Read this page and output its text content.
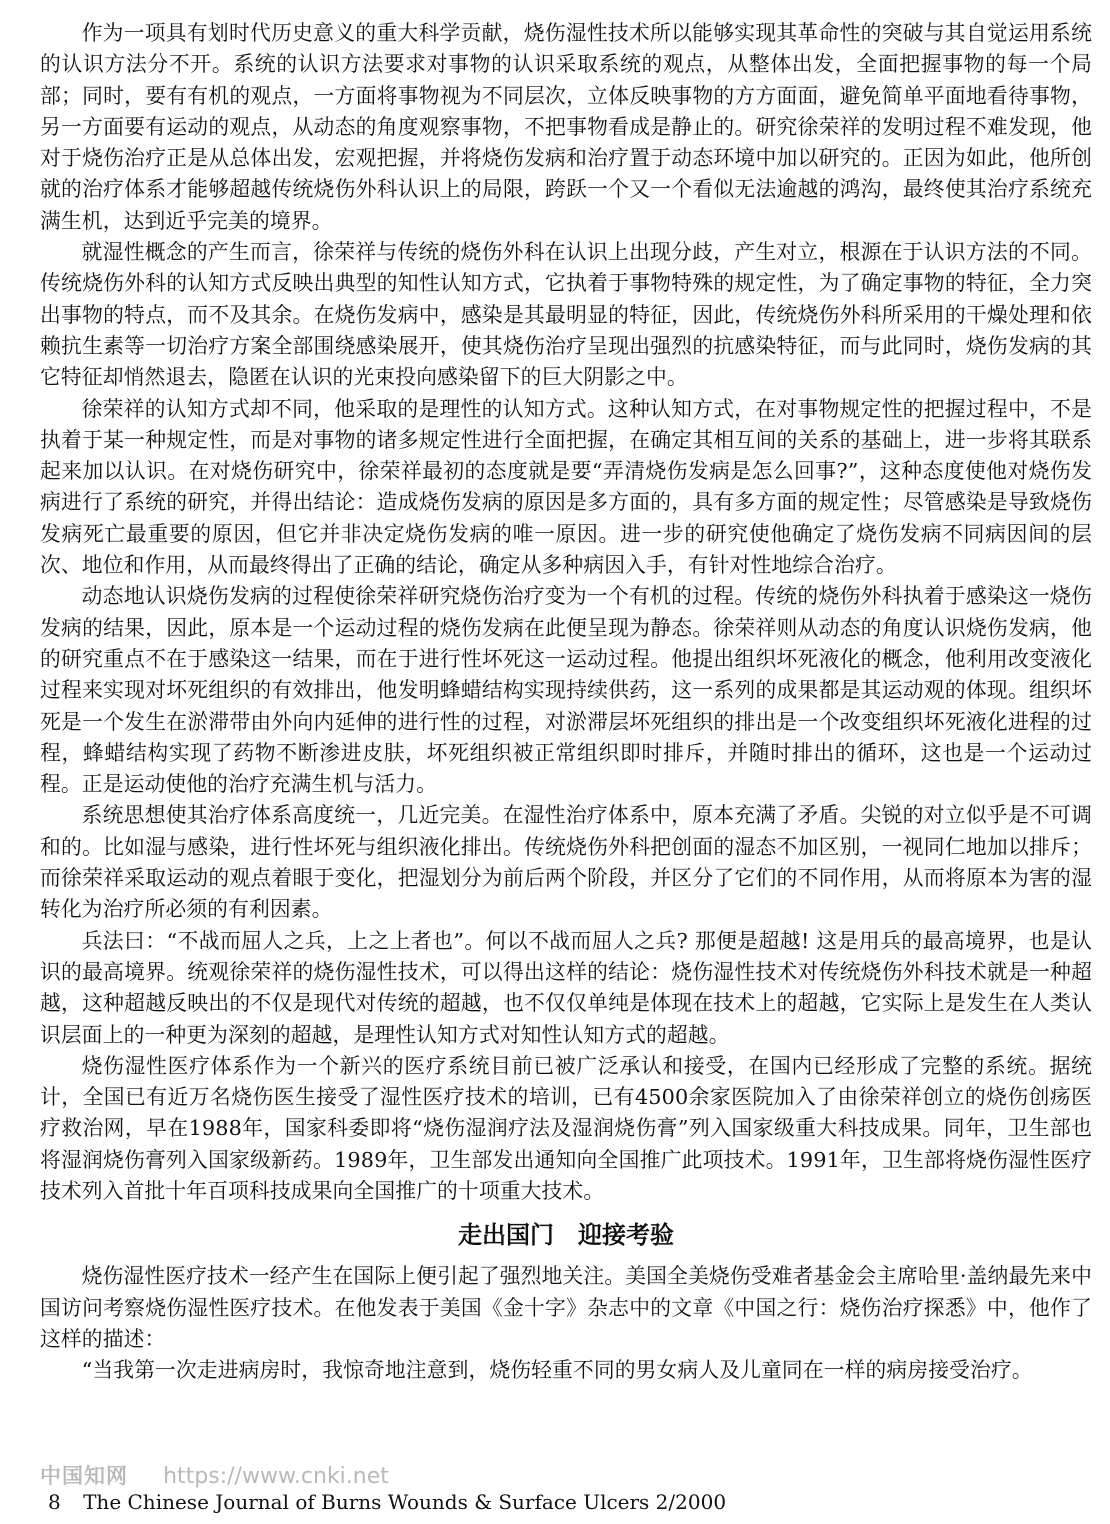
作为一项具有划时代历史意义的重大科学贡献，烧伤湿性技术所以能够实现其革命性的突破与其自觉运用系统的认识方法分不开。系统的认识方法要求对事物的认识采取系统的观点，从整体出发，全面把握事物的每一个局部；同时，要有有机的观点，一方面将事物视为不同层次，立体反映事物的方方面面，避免简单平面地看待事物，另一方面要有运动的观点，从动态的角度观察事物，不把事物看成是静止的。研究徐荣祥的发明过程不难发现，他对于烧伤治疗正是从总体出发，宏观把握，并将烧伤发病和治疗置于动态环境中加以研究的。正因为如此，他所创就的治疗体系才能够超越传统烧伤外科认识上的局限，跨跃一个又一个看似无法逾越的鸿沟，最终使其治疗系统充满生机，达到近乎完美的境界。

就湿性概念的产生而言，徐荣祥与传统的烧伤外科在认识上出现分歧，产生对立，根源在于认识方法的不同。传统烧伤外科的认知方式反映出典型的知性认知方式，它执着于事物特殊的规定性，为了确定事物的特征，全力突出事物的特点，而不及其余。在烧伤发病中，感染是其最明显的特征，因此，传统烧伤外科所采用的干燥处理和依赖抗生素等一切治疗方案全部围绕感染展开，使其烧伤治疗呈现出强烈的抗感染特征，而与此同时，烧伤发病的其它特征却悄然退去，隐匿在认识的光束投向感染留下的巨大阴影之中。

徐荣祥的认知方式却不同，他采取的是理性的认知方式。这种认知方式，在对事物规定性的把握过程中，不是执着于某一种规定性，而是对事物的诸多规定性进行全面把握，在确定其相互间的关系的基础上，进一步将其联系起来加以认识。在对烧伤研究中，徐荣祥最初的态度就是要“弄清烧伤发病是怎么回事?”，这种态度使他对烧伤发病进行了系统的研究，并得出结论：造成烧伤发病的原因是多方面的，具有多方面的规定性；尽管感染是导致烧伤发病死亡最重要的原因，但它并非决定烧伤发病的唯一原因。进一步的研究使他确定了烧伤发病不同病因间的层次、地位和作用，从而最终得出了正确的结论，确定从多种病因入手，有针对性地综合治疗。

动态地认识烧伤发病的过程使徐荣祥研究烧伤治疗变为一个有机的过程。传统的烧伤外科执着于感染这一烧伤发病的结果，因此，原本是一个运动过程的烧伤发病在此便呈现为静态。徐荣祥则从动态的角度认识烧伤发病，他的研究重点不在于感染这一结果，而在于进行性坏死这一运动过程。他提出组织坏死液化的概念，他利用改变液化过程来实现对坏死组织的有效排出，他发明蜂蜡结构实现持续供药，这一系列的成果都是其运动观的体现。组织坏死是一个发生在淤滞带由外向内延伸的进行性的过程，对淤滞层坏死组织的排出是一个改变组织坏死液化进程的过程，蜂蜡结构实现了药物不断渗进皮肤，坏死组织被正常组织即时排斥，并随时排出的循环，这也是一个运动过程。正是运动使他的治疗充满生机与活力。

系统思想使其治疗体系高度统一，几近完美。在湿性治疗体系中，原本充满了矛盾。尖锐的对立似乎是不可调和的。比如湿与感染，进行性坏死与组织液化排出。传统烧伤外科把创面的湿态不加区别，一视同仁地加以排斥；而徐荣祥采取运动的观点着眼于变化，把湿划分为前后两个阶段，并区分了它们的不同作用，从而将原本为害的湿转化为治疗所必须的有利因素。

兵法曰：“不战而屈人之兵，上之上者也”。何以不战而屈人之兵? 那便是超越! 这是用兵的最高境界，也是认识的最高境界。统观徐荣祥的烧伤湿性技术，可以得出这样的结论：烧伤湿性技术对传统烧伤外科技术就是一种超越，这种超越反映出的不仅是现代对传统的超越，也不仅仅单纯是体现在技术上的超越，它实际上是发生在人类认识层面上的一种更为深刻的超越，是理性认知方式对知性认知方式的超越。

烧伤湿性医疗体系作为一个新兴的医疗系统目前已被广泛承认和接受，在国内已经形成了完整的系统。据统计，全国已有近万名烧伤医生接受了湿性医疗技术的培训，已有4500余家医院加入了由徐荣祥创立的烧伤创疡医疗救治网，早在1988年，国家科委即将“烧伤湿润疗法及湿润烧伤膏”列入国家级重大科技成果。同年，卫生部也将湿润烧伤膏列入国家级新药。1989年，卫生部发出通知向全国推广此项技术。1991年，卫生部将烧伤湿性医疗技术列入首批十年百项科技成果向全国推广的十项重大技术。

走出国门　迎接考验

烧伤湿性医疗技术一经产生在国际上便引起了强烈地关注。美国全美烧伤受难者基金会主席哈里·盖纳最先来中国访问考察烧伤湿性医疗技术。在他发表于美国《金十字》杂志中的文章《中国之行：烧伤治疗探悉》中，他作了这样的描述：

“当我第一次走进病房时，我惊奇地注意到，烧伤轻重不同的男女病人及儿童同在一样的病房接受治疗。

中国知网 https://www.cnki.net
8 The Chinese Journal of Burns Wounds & Surface Ulcers 2/2000
